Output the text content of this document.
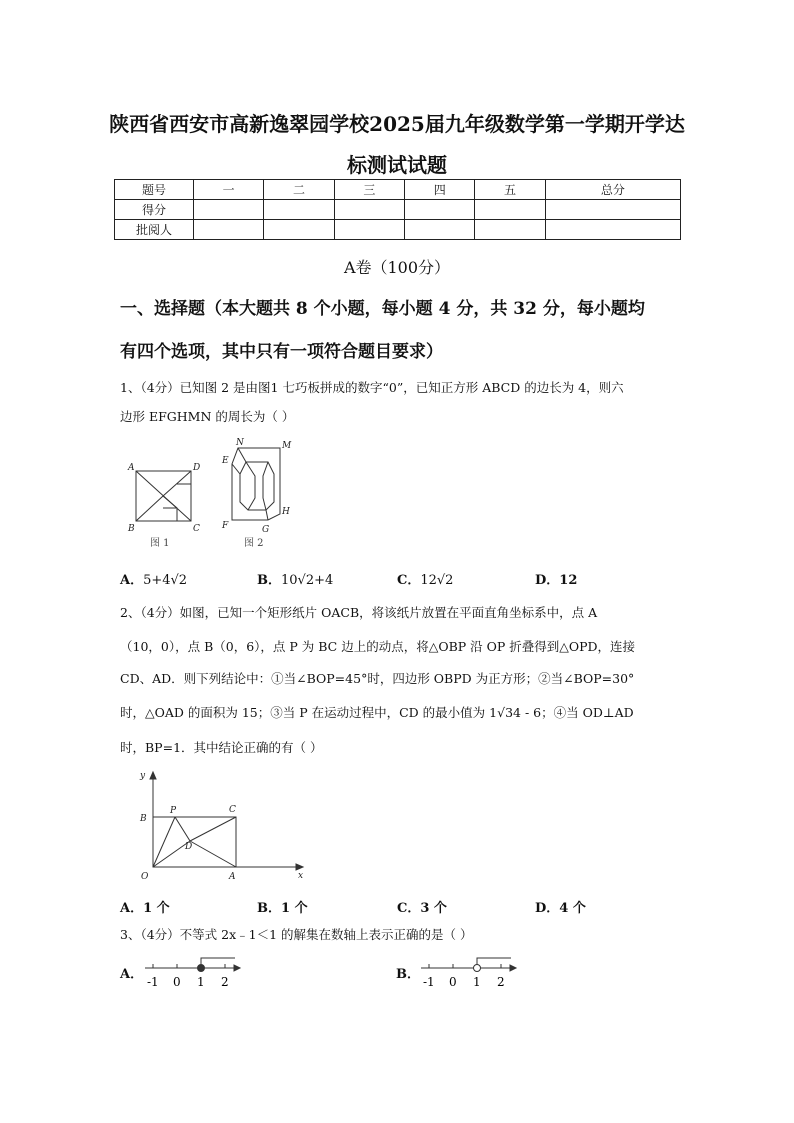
陕西省西安市高新逸翠园学校2025届九年级数学第一学期开学达
标测试试题
题号	一	二	三	四	五	总分
得分						
批阅人						
A卷（100分）
一、选择题（本大题共 8 个小题，每小题 4 分，共 32 分，每小题均
有四个选项，其中只有一项符合题目要求）
1、（4分）已知图 2 是由图1 七巧板拼成的数字“0”，已知正方形 ABCD 的边长为 4，则六
边形 EFGHMN 的周长为（ ）
A	D
B	C
图 1
N	M
E
F	G
H
图 2
A．5+4√2	B．10√2+4	C．12√2	D．12
2、（4分）如图，已知一个矩形纸片 OACB，将该纸片放置在平面直角坐标系中，点 A
（10，0），点 B（0，6），点 P 为 BC 边上的动点，将△OBP 沿 OP 折叠得到△OPD，连接
CD、AD．则下列结论中：①当∠BOP=45°时，四边形 OBPD 为正方形；②当∠BOP=30°
时，△OAD 的面积为 15；③当 P 在运动过程中，CD 的最小值为 1√34 - 6；④当 OD⊥AD
时，BP=1．其中结论正确的有（ ）
y
x
O	A
B
C
P
D
A．1 个	B．1 个	C．3 个	D．4 个
3、（4分）不等式 2x﹣1＜1 的解集在数轴上表示正确的是（ ）
A． -1 0 1 2	B． -1 0 1 2
